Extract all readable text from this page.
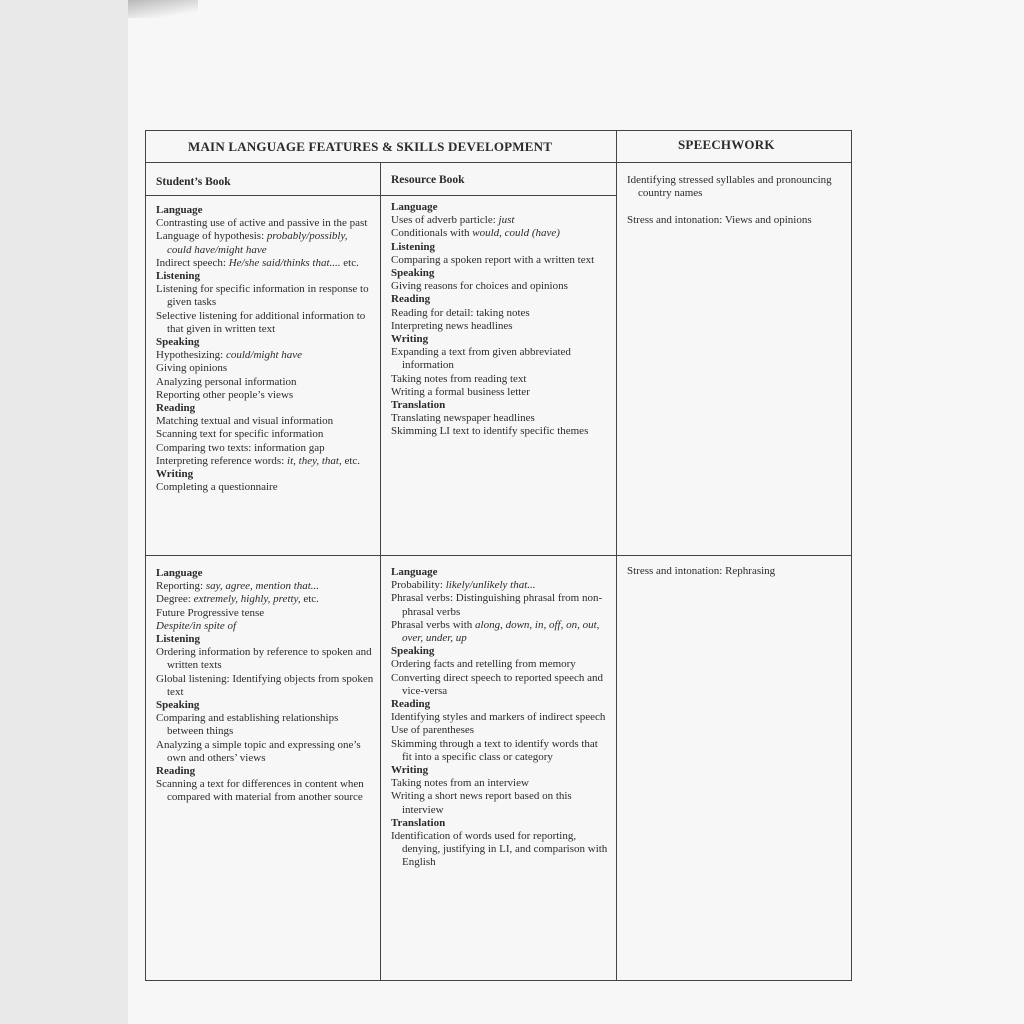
MAIN LANGUAGE FEATURES & SKILLS DEVELOPMENT	SPEECHWORK
Student’s Book	Resource Book
Language
Contrasting use of active and passive in the past
Language of hypothesis: probably/possibly, could have/might have
Indirect speech: He/she said/thinks that.... etc.
Listening
Listening for specific information in response to given tasks
Selective listening for additional information to that given in written text
Speaking
Hypothesizing: could/might have
Giving opinions
Analyzing personal information
Reporting other people’s views
Reading
Matching textual and visual information
Scanning text for specific information
Comparing two texts: information gap
Interpreting reference words: it, they, that, etc.
Writing
Completing a questionnaire
Language
Uses of adverb particle: just
Conditionals with would, could (have)
Listening
Comparing a spoken report with a written text
Speaking
Giving reasons for choices and opinions
Reading
Reading for detail: taking notes
Interpreting news headlines
Writing
Expanding a text from given abbreviated information
Taking notes from reading text
Writing a formal business letter
Translation
Translating newspaper headlines
Skimming LI text to identify specific themes
Identifying stressed syllables and pronouncing country names
Stress and intonation: Views and opinions
Language
Reporting: say, agree, mention that...
Degree: extremely, highly, pretty, etc.
Future Progressive tense
Despite/in spite of
Listening
Ordering information by reference to spoken and written texts
Global listening: Identifying objects from spoken text
Speaking
Comparing and establishing relationships between things
Analyzing a simple topic and expressing one’s own and others’ views
Reading
Scanning a text for differences in content when compared with material from another source
Language
Probability: likely/unlikely that...
Phrasal verbs: Distinguishing phrasal from non-phrasal verbs
Phrasal verbs with along, down, in, off, on, out, over, under, up
Speaking
Ordering facts and retelling from memory
Converting direct speech to reported speech and vice-versa
Reading
Identifying styles and markers of indirect speech
Use of parentheses
Skimming through a text to identify words that fit into a specific class or category
Writing
Taking notes from an interview
Writing a short news report based on this interview
Translation
Identification of words used for reporting, denying, justifying in LI, and comparison with English
Stress and intonation: Rephrasing
